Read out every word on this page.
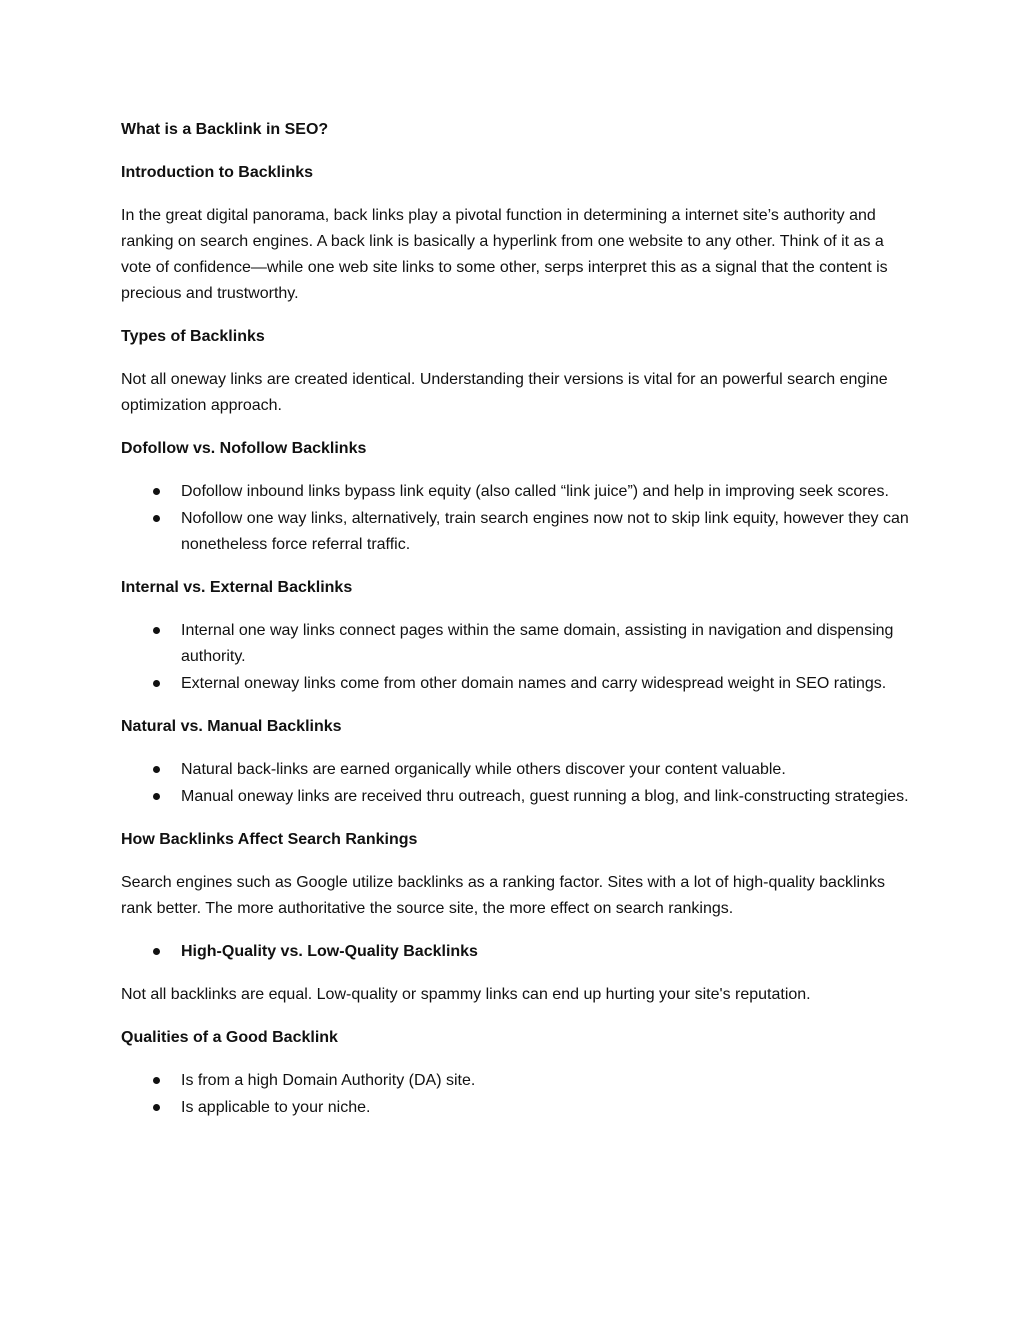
What is a Backlink in SEO?

Introduction to Backlinks

In the great digital panorama, back links play a pivotal function in determining a internet site’s authority and ranking on search engines. A back link is basically a hyperlink from one website to any other. Think of it as a vote of confidence—while one web site links to some other, serps interpret this as a signal that the content is precious and trustworthy.

Types of Backlinks

Not all oneway links are created identical. Understanding their versions is vital for an powerful search engine optimization approach.

Dofollow vs. Nofollow Backlinks

Dofollow inbound links bypass link equity (also called “link juice”) and help in improving seek scores.
Nofollow one way links, alternatively, train search engines now not to skip link equity, however they can nonetheless force referral traffic.

Internal vs. External Backlinks

Internal one way links connect pages within the same domain, assisting in navigation and dispensing authority.
External oneway links come from other domain names and carry widespread weight in SEO ratings.

Natural vs. Manual Backlinks

Natural back-links are earned organically while others discover your content valuable.
Manual oneway links are received thru outreach, guest running a blog, and link-constructing strategies.

How Backlinks Affect Search Rankings

Search engines such as Google utilize backlinks as a ranking factor. Sites with a lot of high-quality backlinks rank better. The more authoritative the source site, the more effect on search rankings.

High-Quality vs. Low-Quality Backlinks

Not all backlinks are equal. Low-quality or spammy links can end up hurting your site's reputation.

Qualities of a Good Backlink

Is from a high Domain Authority (DA) site.
Is applicable to your niche.
